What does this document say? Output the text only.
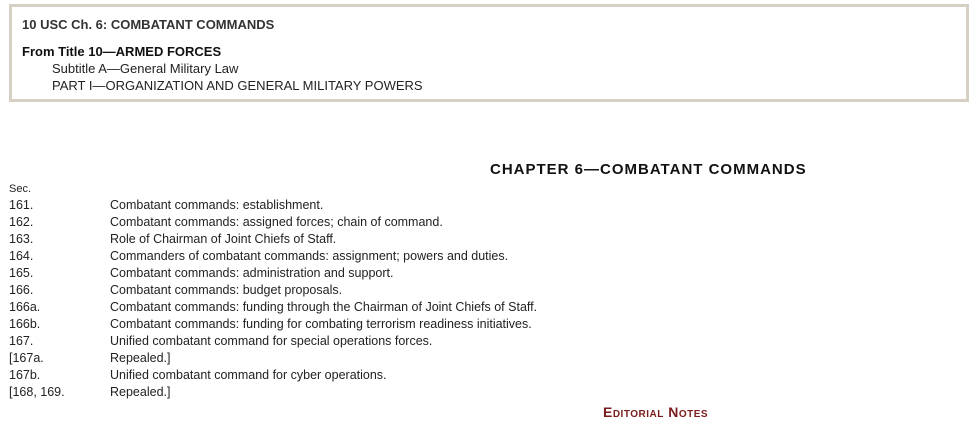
10 USC Ch. 6: COMBATANT COMMANDS
From Title 10—ARMED FORCES
Subtitle A—General Military Law
PART I—ORGANIZATION AND GENERAL MILITARY POWERS
CHAPTER 6—COMBATANT COMMANDS
Sec.
161.	Combatant commands: establishment.
162.	Combatant commands: assigned forces; chain of command.
163.	Role of Chairman of Joint Chiefs of Staff.
164.	Commanders of combatant commands: assignment; powers and duties.
165.	Combatant commands: administration and support.
166.	Combatant commands: budget proposals.
166a.	Combatant commands: funding through the Chairman of Joint Chiefs of Staff.
166b.	Combatant commands: funding for combating terrorism readiness initiatives.
167.	Unified combatant command for special operations forces.
[167a.	Repealed.]
167b.	Unified combatant command for cyber operations.
[168, 169.	Repealed.]
Editorial Notes
